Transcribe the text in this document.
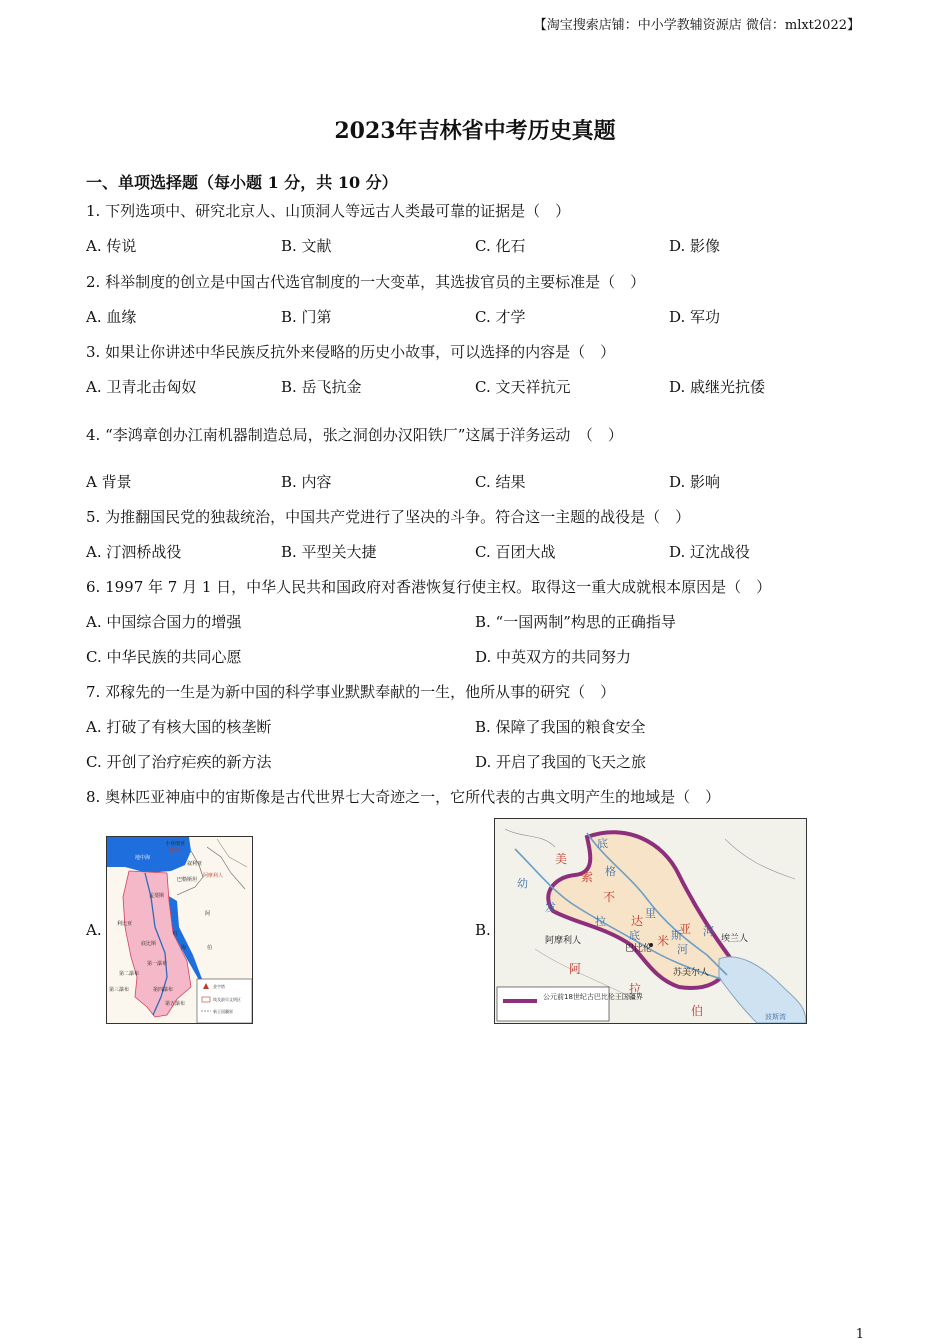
【淘宝搜索店铺：中小学教辅资源店 微信：mlxt2022】
2023年吉林省中考历史真题
一、单项选择题（每小题 1 分，共 10 分）
1. 下列选项中、研究北京人、山顶洞人等远古人类最可靠的证据是（　）
A. 传说	B. 文献	C. 化石	D. 影像
2. 科举制度的创立是中国古代选官制度的一大变革，其选拔官员的主要标准是（　）
A. 血缘	B. 门第	C. 才学	D. 军功
3. 如果让你讲述中华民族反抗外来侵略的历史小故事，可以选择的内容是（　）
A. 卫青北击匈奴	B. 岳飞抗金	C. 文天祥抗元	D. 戚继光抗倭
4. “李鸿章创办江南机器制造总局，张之洞创办汉阳铁厂”这属于洋务运动　（　）
A 背景	B. 内容	C. 结果	D. 影响
5. 为推翻国民党的独裁统治，中国共产党进行了坚决的斗争。符合这一主题的战役是（　）
A. 汀泗桥战役	B. 平型关大捷	C. 百团大战	D. 辽沈战役
6. 1997 年 7 月 1 日，中华人民共和国政府对香港恢复行使主权。取得这一重大成就根本原因是（　）
A. 中国综合国力的增强	B. “一国两制”构思的正确指导
C. 中华民族的共同心愿	D. 中英双方的共同努力
7. 邓稼先的一生是为新中国的科学事业默默奉献的一生，他所从事的研究（　）
A. 打破了有核大国的核垄断	B. 保障了我国的粮食安全
C. 开创了治疗疟疾的新方法	D. 开启了我国的飞天之旅
8. 奥林匹亚神庙中的宙斯像是古代世界七大奇迹之一，它所代表的古典文明产生的地域是（　）
A.	B.
金字塔
埃及最早文明区
新王国疆界
小亚细亚
赫梯人
地中海
叙利亚
阿摩利人
巴勒斯坦
孟斐斯
阿
利比亚
红
底比斯
海	伯
第一瀑布
第二瀑布
第三瀑布	第四瀑布
第五瀑布
公元前18世纪古巴比伦王国疆界
美
索
不
达
米
亚
底
格
里
斯 河
幼
发
拉
底
河
阿摩利人
巴比伦
苏美尔人
埃兰人
阿
拉
伯	波斯湾
1
